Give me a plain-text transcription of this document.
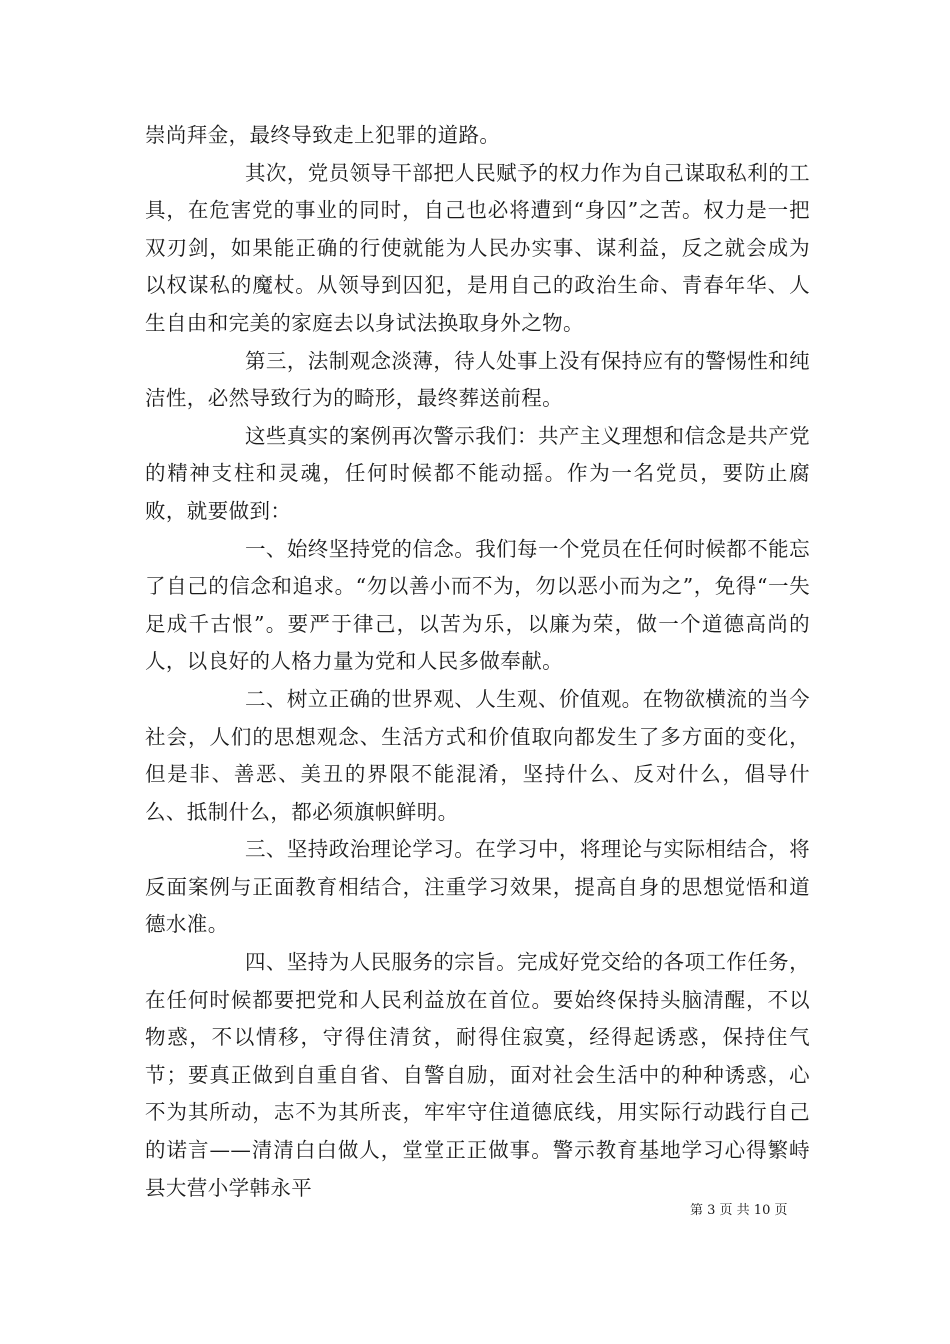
崇尚拜金，最终导致走上犯罪的道路。

其次，党员领导干部把人民赋予的权力作为自己谋取私利的工具，在危害党的事业的同时，自己也必将遭到“身囚”之苦。权力是一把双刃剑，如果能正确的行使就能为人民办实事、谋利益，反之就会成为以权谋私的魔杖。从领导到囚犯，是用自己的政治生命、青春年华、人生自由和完美的家庭去以身试法换取身外之物。

第三，法制观念淡薄，待人处事上没有保持应有的警惕性和纯洁性，必然导致行为的畸形，最终葬送前程。

这些真实的案例再次警示我们：共产主义理想和信念是共产党的精神支柱和灵魂，任何时候都不能动摇。作为一名党员，要防止腐败，就要做到：

一、始终坚持党的信念。我们每一个党员在任何时候都不能忘了自己的信念和追求。“勿以善小而不为，勿以恶小而为之”，免得“一失足成千古恨”。要严于律己，以苦为乐，以廉为荣，做一个道德高尚的人，以良好的人格力量为党和人民多做奉献。

二、树立正确的世界观、人生观、价值观。在物欲横流的当今社会，人们的思想观念、生活方式和价值取向都发生了多方面的变化，但是非、善恶、美丑的界限不能混淆，坚持什么、反对什么，倡导什么、抵制什么，都必须旗帜鲜明。

三、坚持政治理论学习。在学习中，将理论与实际相结合，将反面案例与正面教育相结合，注重学习效果，提高自身的思想觉悟和道德水准。

四、坚持为人民服务的宗旨。完成好党交给的各项工作任务，在任何时候都要把党和人民利益放在首位。要始终保持头脑清醒，不以物惑，不以情移，守得住清贫，耐得住寂寞，经得起诱惑，保持住气节；要真正做到自重自省、自警自励，面对社会生活中的种种诱惑，心不为其所动，志不为其所丧，牢牢守住道德底线，用实际行动践行自己的诺言——清清白白做人，堂堂正正做事。警示教育基地学习心得繁峙县大营小学韩永平

第 3 页 共 10 页
